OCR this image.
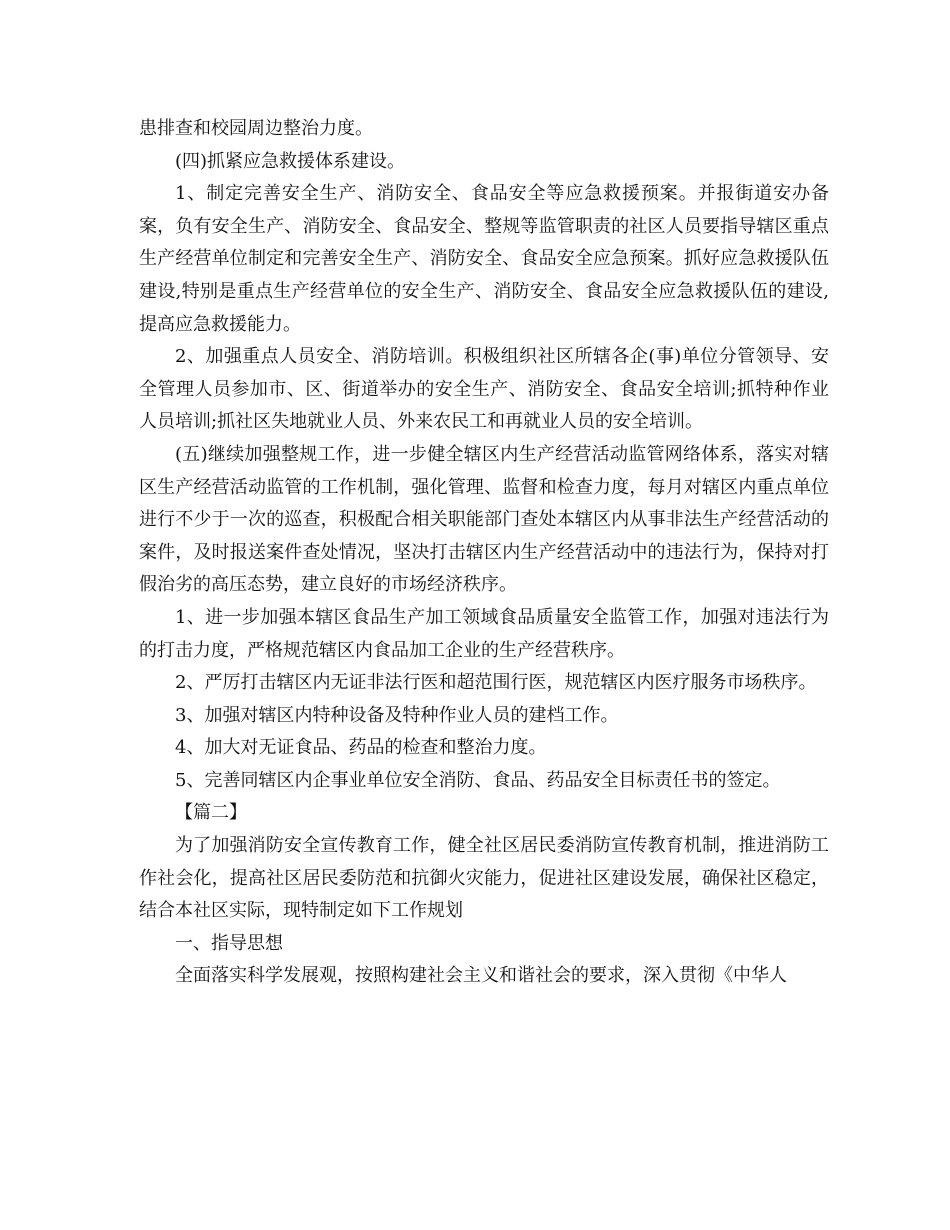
患排查和校园周边整治力度。

(四)抓紧应急救援体系建设。

1、制定完善安全生产、消防安全、食品安全等应急救援预案。并报街道安办备案，负有安全生产、消防安全、食品安全、整规等监管职责的社区人员要指导辖区重点生产经营单位制定和完善安全生产、消防安全、食品安全应急预案。抓好应急救援队伍建设,特别是重点生产经营单位的安全生产、消防安全、食品安全应急救援队伍的建设,提高应急救援能力。

2、加强重点人员安全、消防培训。积极组织社区所辖各企(事)单位分管领导、安全管理人员参加市、区、街道举办的安全生产、消防安全、食品安全培训;抓特种作业人员培训;抓社区失地就业人员、外来农民工和再就业人员的安全培训。

(五)继续加强整规工作，进一步健全辖区内生产经营活动监管网络体系，落实对辖区生产经营活动监管的工作机制，强化管理、监督和检查力度，每月对辖区内重点单位进行不少于一次的巡查，积极配合相关职能部门查处本辖区内从事非法生产经营活动的案件，及时报送案件查处情况，坚决打击辖区内生产经营活动中的违法行为，保持对打假治劣的高压态势，建立良好的市场经济秩序。

1、进一步加强本辖区食品生产加工领域食品质量安全监管工作，加强对违法行为的打击力度，严格规范辖区内食品加工企业的生产经营秩序。

2、严厉打击辖区内无证非法行医和超范围行医，规范辖区内医疗服务市场秩序。

3、加强对辖区内特种设备及特种作业人员的建档工作。

4、加大对无证食品、药品的检查和整治力度。

5、完善同辖区内企事业单位安全消防、食品、药品安全目标责任书的签定。

【篇二】

为了加强消防安全宣传教育工作，健全社区居民委消防宣传教育机制，推进消防工作社会化，提高社区居民委防范和抗御火灾能力，促进社区建设发展，确保社区稳定，结合本社区实际，现特制定如下工作规划

一、指导思想

全面落实科学发展观，按照构建社会主义和谐社会的要求，深入贯彻《中华人
